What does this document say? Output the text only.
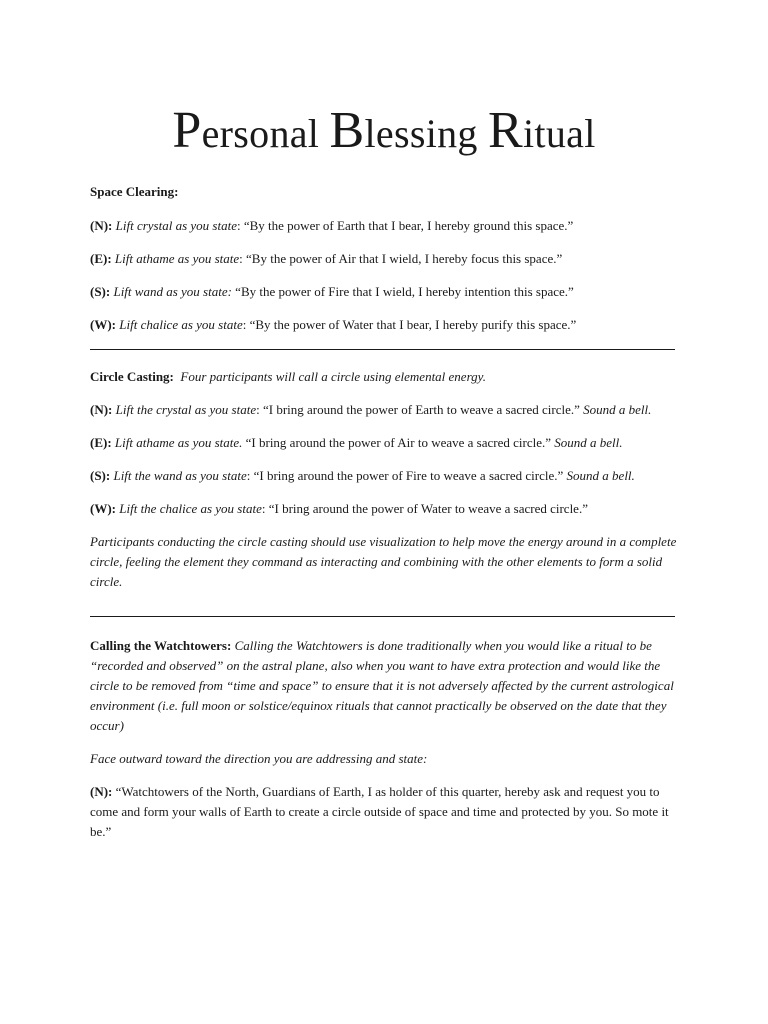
Personal Blessing Ritual

Space Clearing:

(N): Lift crystal as you state: “By the power of Earth that I bear, I hereby ground this space.”

(E): Lift athame as you state: “By the power of Air that I wield, I hereby focus this space.”

(S): Lift wand as you state: “By the power of Fire that I wield, I hereby intention this space.”

(W): Lift chalice as you state: “By the power of Water that I bear, I hereby purify this space.”

Circle Casting: Four participants will call a circle using elemental energy.

(N): Lift the crystal as you state: “I bring around the power of Earth to weave a sacred circle.” Sound a bell.

(E): Lift athame as you state. “I bring around the power of Air to weave a sacred circle.” Sound a bell.

(S): Lift the wand as you state: “I bring around the power of Fire to weave a sacred circle.” Sound a bell.

(W): Lift the chalice as you state: “I bring around the power of Water to weave a sacred circle.”

Participants conducting the circle casting should use visualization to help move the energy around in a complete circle, feeling the element they command as interacting and combining with the other elements to form a solid circle.

Calling the Watchtowers: Calling the Watchtowers is done traditionally when you would like a ritual to be “recorded and observed” on the astral plane, also when you want to have extra protection and would like the circle to be removed from “time and space” to ensure that it is not adversely affected by the current astrological environment (i.e. full moon or solstice/equinox rituals that cannot practically be observed on the date that they occur)

Face outward toward the direction you are addressing and state:

(N): “Watchtowers of the North, Guardians of Earth, I as holder of this quarter, hereby ask and request you to come and form your walls of Earth to create a circle outside of space and time and protected by you. So mote it be.”
